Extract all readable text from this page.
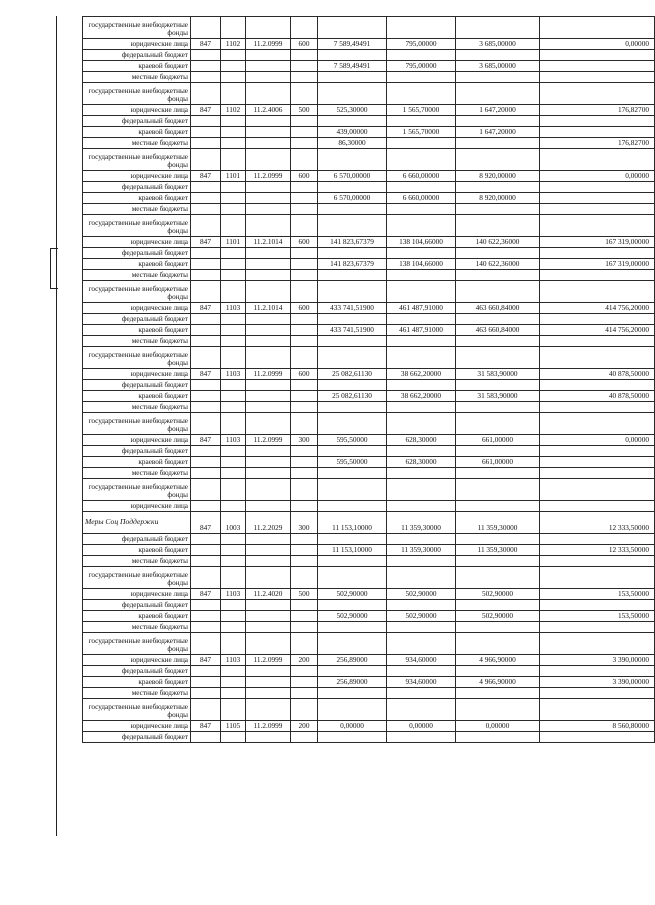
государственные внебюджетные фонды								
юридические лица	847	1102	11.2.0999	600	7 589,49491	795,00000	3 685,00000	0,00000
федеральный бюджет								
краевой бюджет					7 589,49491	795,00000	3 685,00000	
местные бюджеты								
государственные внебюджетные фонды								
юридические лица	847	1102	11.2.4006	500	525,30000	1 565,70000	1 647,20000	176,82700
федеральный бюджет								
краевой бюджет					439,00000	1 565,70000	1 647,20000	
местные бюджеты					86,30000			176,82700
государственные внебюджетные фонды								
юридические лица	847	1101	11.2.0999	600	6 570,00000	6 660,00000	8 920,00000	0,00000
федеральный бюджет								
краевой бюджет					6 570,00000	6 660,00000	8 920,00000	
местные бюджеты								
государственные внебюджетные фонды								
юридические лица	847	1101	11.2.1014	600	141 823,67379	138 104,66000	140 622,36000	167 319,00000
федеральный бюджет								
краевой бюджет					141 823,67379	138 104,66000	140 622,36000	167 319,00000
местные бюджеты								
государственные внебюджетные фонды								
юридические лица	847	1103	11.2.1014	600	433 741,51900	461 487,91000	463 660,84000	414 756,20000
федеральный бюджет								
краевой бюджет					433 741,51900	461 487,91000	463 660,84000	414 756,20000
местные бюджеты								
государственные внебюджетные фонды								
юридические лица	847	1103	11.2.0999	600	25 082,61130	38 662,20000	31 583,90000	40 878,50000
федеральный бюджет								
краевой бюджет					25 082,61130	38 662,20000	31 583,90000	40 878,50000
местные бюджеты								
государственные внебюджетные фонды								
юридические лица	847	1103	11.2.0999	300	595,50000	628,30000	661,00000	0,00000
федеральный бюджет								
краевой бюджет					595,50000	628,30000	661,00000	
местные бюджеты								
государственные внебюджетные фонды								
юридические лица								
Меры Соц Поддержки	847	1003	11.2.2029	300	11 153,10000	11 359,30000	11 359,30000	12 333,50000
федеральный бюджет								
краевой бюджет					11 153,10000	11 359,30000	11 359,30000	12 333,50000
местные бюджеты								
государственные внебюджетные фонды								
юридические лица	847	1103	11.2.4020	500	502,90000	502,90000	502,90000	153,50000
федеральный бюджет								
краевой бюджет					502,90000	502,90000	502,90000	153,50000
местные бюджеты								
государственные внебюджетные фонды								
юридические лица	847	1103	11.2.0999	200	256,89000	934,60000	4 966,90000	3 390,00000
федеральный бюджет								
краевой бюджет					256,89000	934,60000	4 966,90000	3 390,00000
местные бюджеты								
государственные внебюджетные фонды								
юридические лица	847	1105	11.2.0999	200	0,00000	0,00000	0,00000	8 560,80000
федеральный бюджет								
